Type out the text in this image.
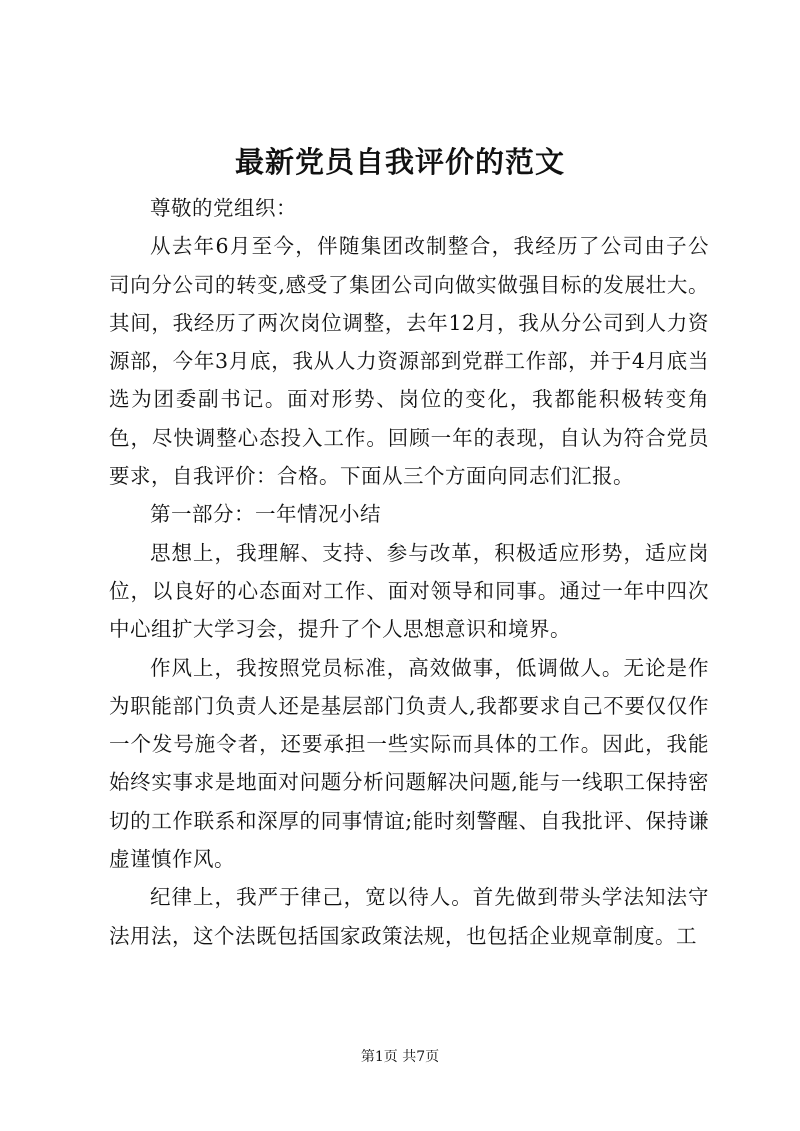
最新党员自我评价的范文

尊敬的党组织：

从去年6月至今，伴随集团改制整合，我经历了公司由子公司向分公司的转变,感受了集团公司向做实做强目标的发展壮大。其间，我经历了两次岗位调整，去年12月，我从分公司到人力资源部，今年3月底，我从人力资源部到党群工作部，并于4月底当选为团委副书记。面对形势、岗位的变化，我都能积极转变角色，尽快调整心态投入工作。回顾一年的表现，自认为符合党员要求，自我评价：合格。下面从三个方面向同志们汇报。

第一部分：一年情况小结

思想上，我理解、支持、参与改革，积极适应形势，适应岗位，以良好的心态面对工作、面对领导和同事。通过一年中四次中心组扩大学习会，提升了个人思想意识和境界。

作风上，我按照党员标准，高效做事，低调做人。无论是作为职能部门负责人还是基层部门负责人,我都要求自己不要仅仅作一个发号施令者，还要承担一些实际而具体的工作。因此，我能始终实事求是地面对问题分析问题解决问题,能与一线职工保持密切的工作联系和深厚的同事情谊;能时刻警醒、自我批评、保持谦虚谨慎作风。

纪律上，我严于律己，宽以待人。首先做到带头学法知法守法用法，这个法既包括国家政策法规，也包括企业规章制度。工

第1页 共7页
